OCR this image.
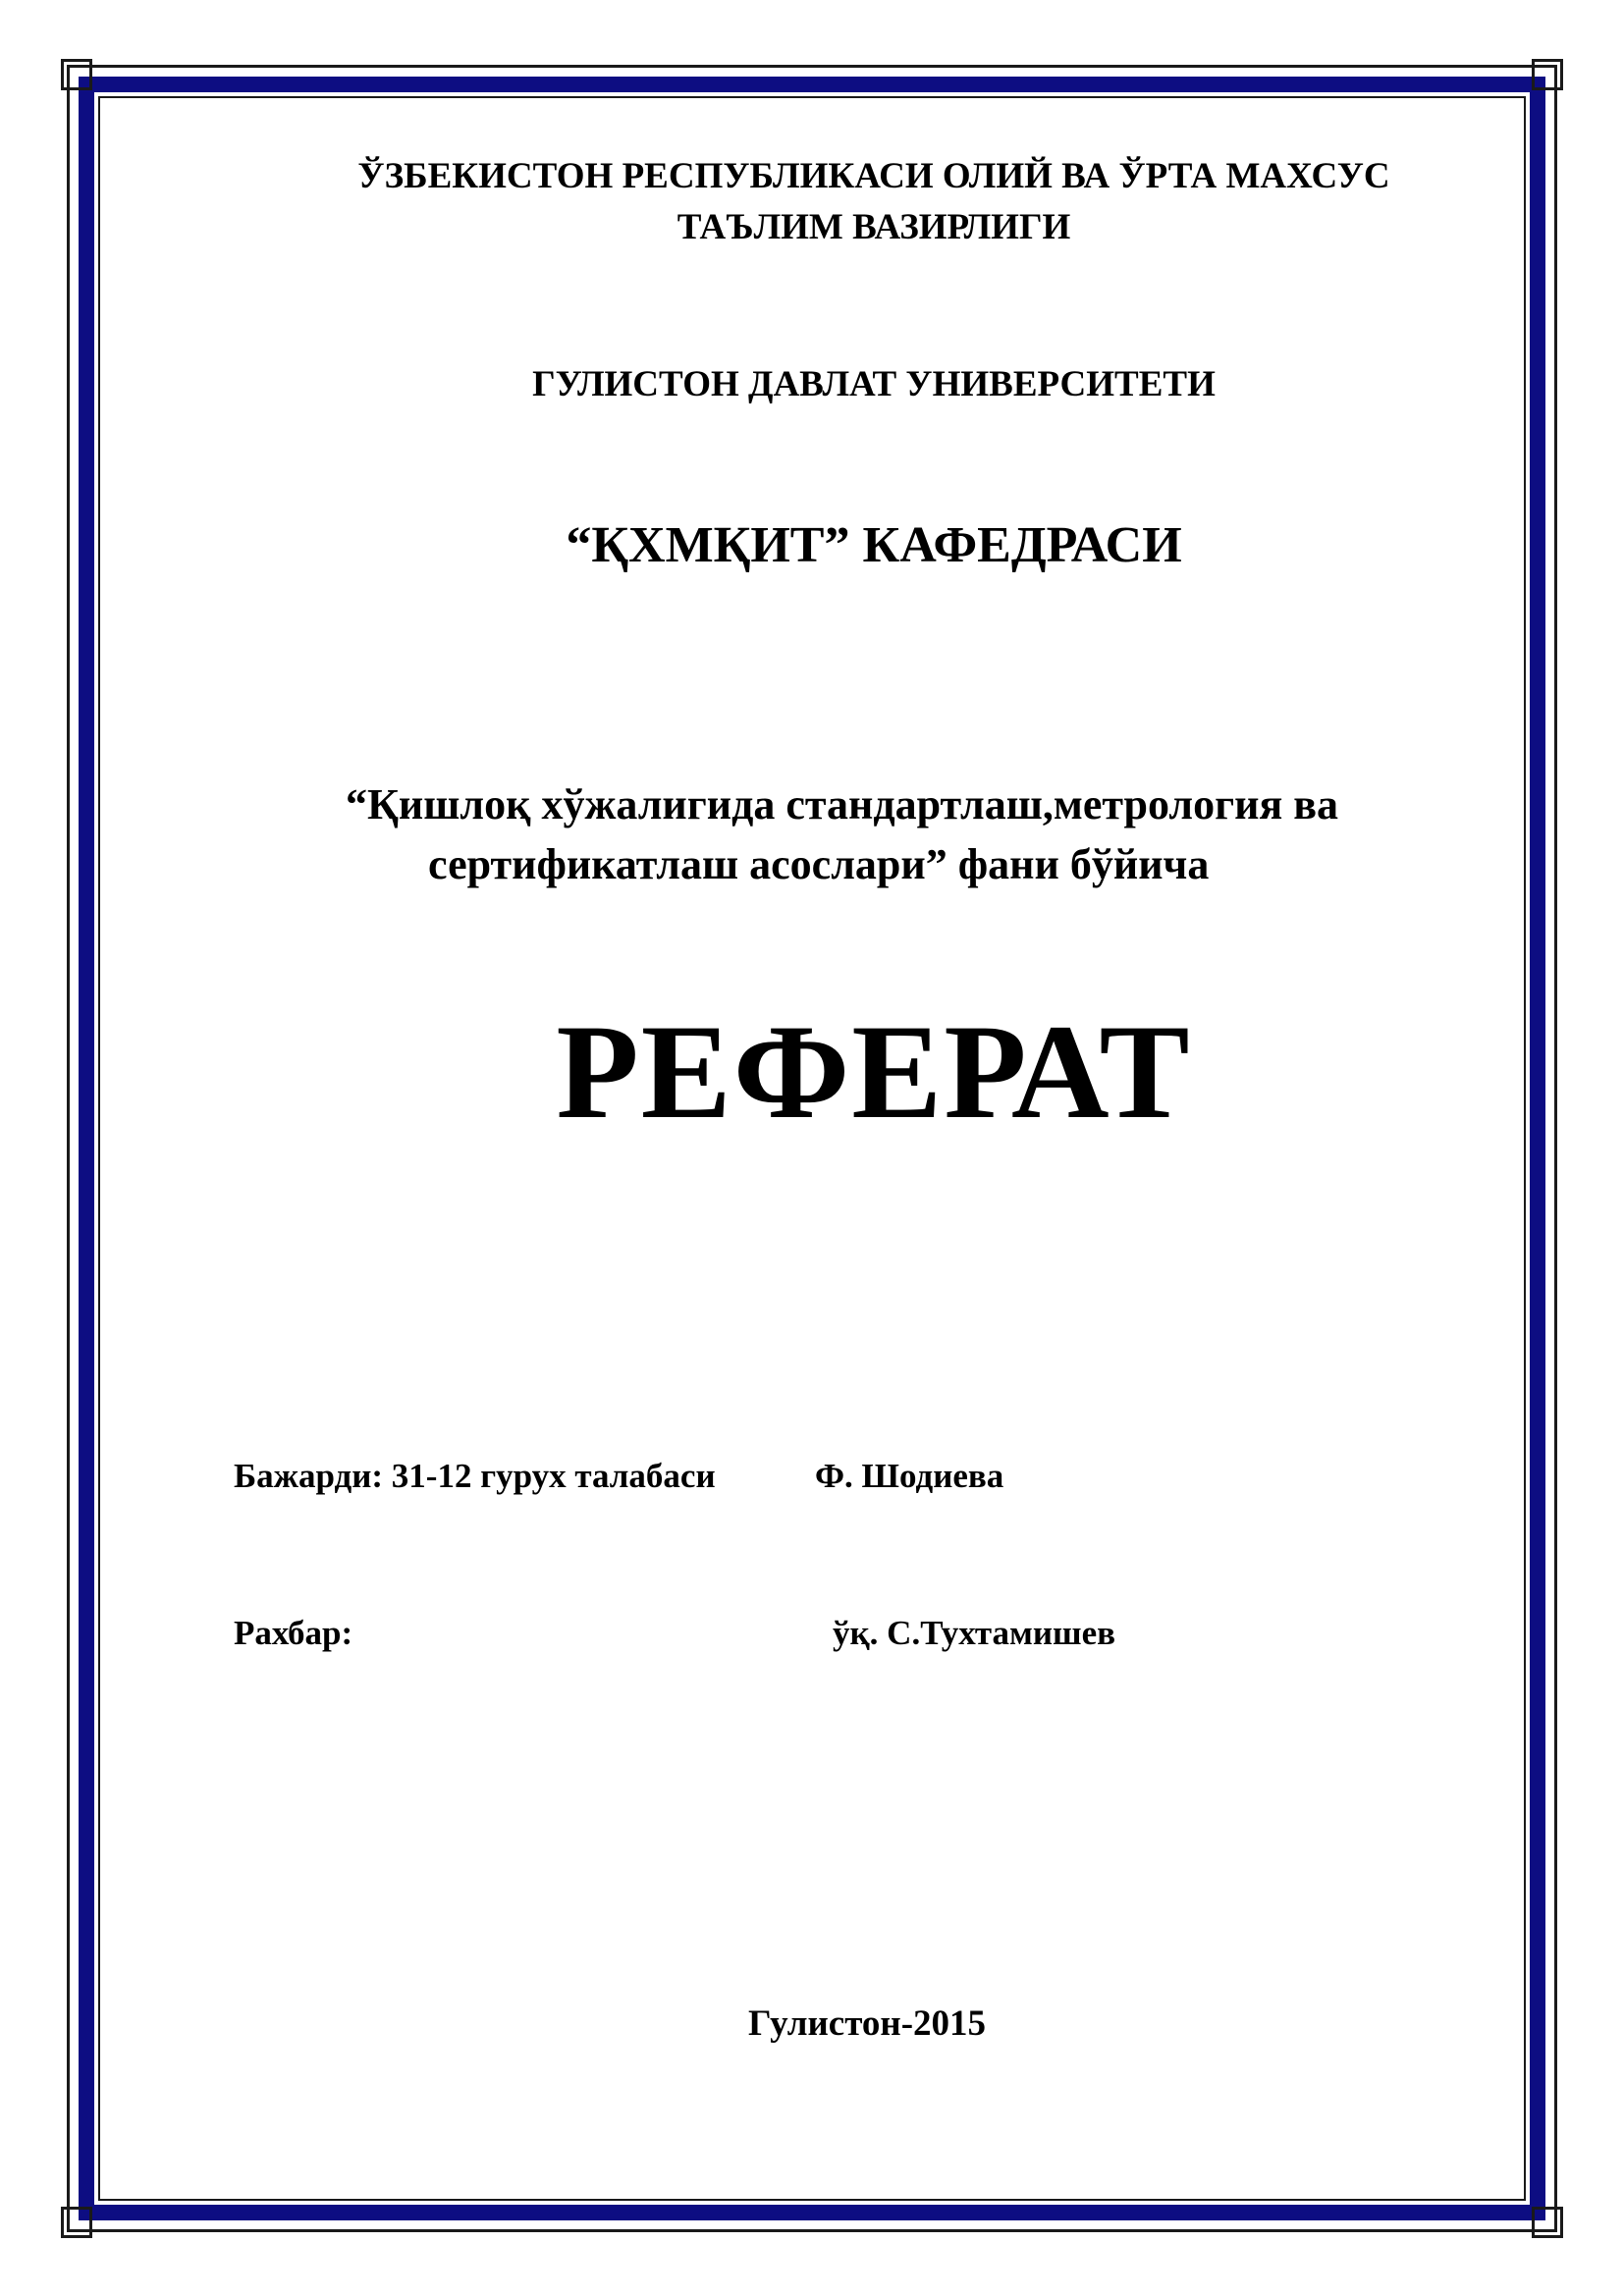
ЎЗБЕКИСТОН РЕСПУБЛИКАСИ ОЛИЙ ВА ЎРТА МАХСУС
ТАЪЛИМ ВАЗИРЛИГИ
ГУЛИСТОН ДАВЛАТ УНИВЕРСИТЕТИ
“ҚХМҚИТ” КАФЕДРАСИ
“Қишлоқ хўжалигида стандартлаш,метрология ва
сертификатлаш асослари” фани бўйича
РЕФЕРАТ
Бажарди: 31-12 гурух талабаси	Ф. Шодиева
Рахбар:	ўқ. С.Тухтамишев
Гулистон-2015
